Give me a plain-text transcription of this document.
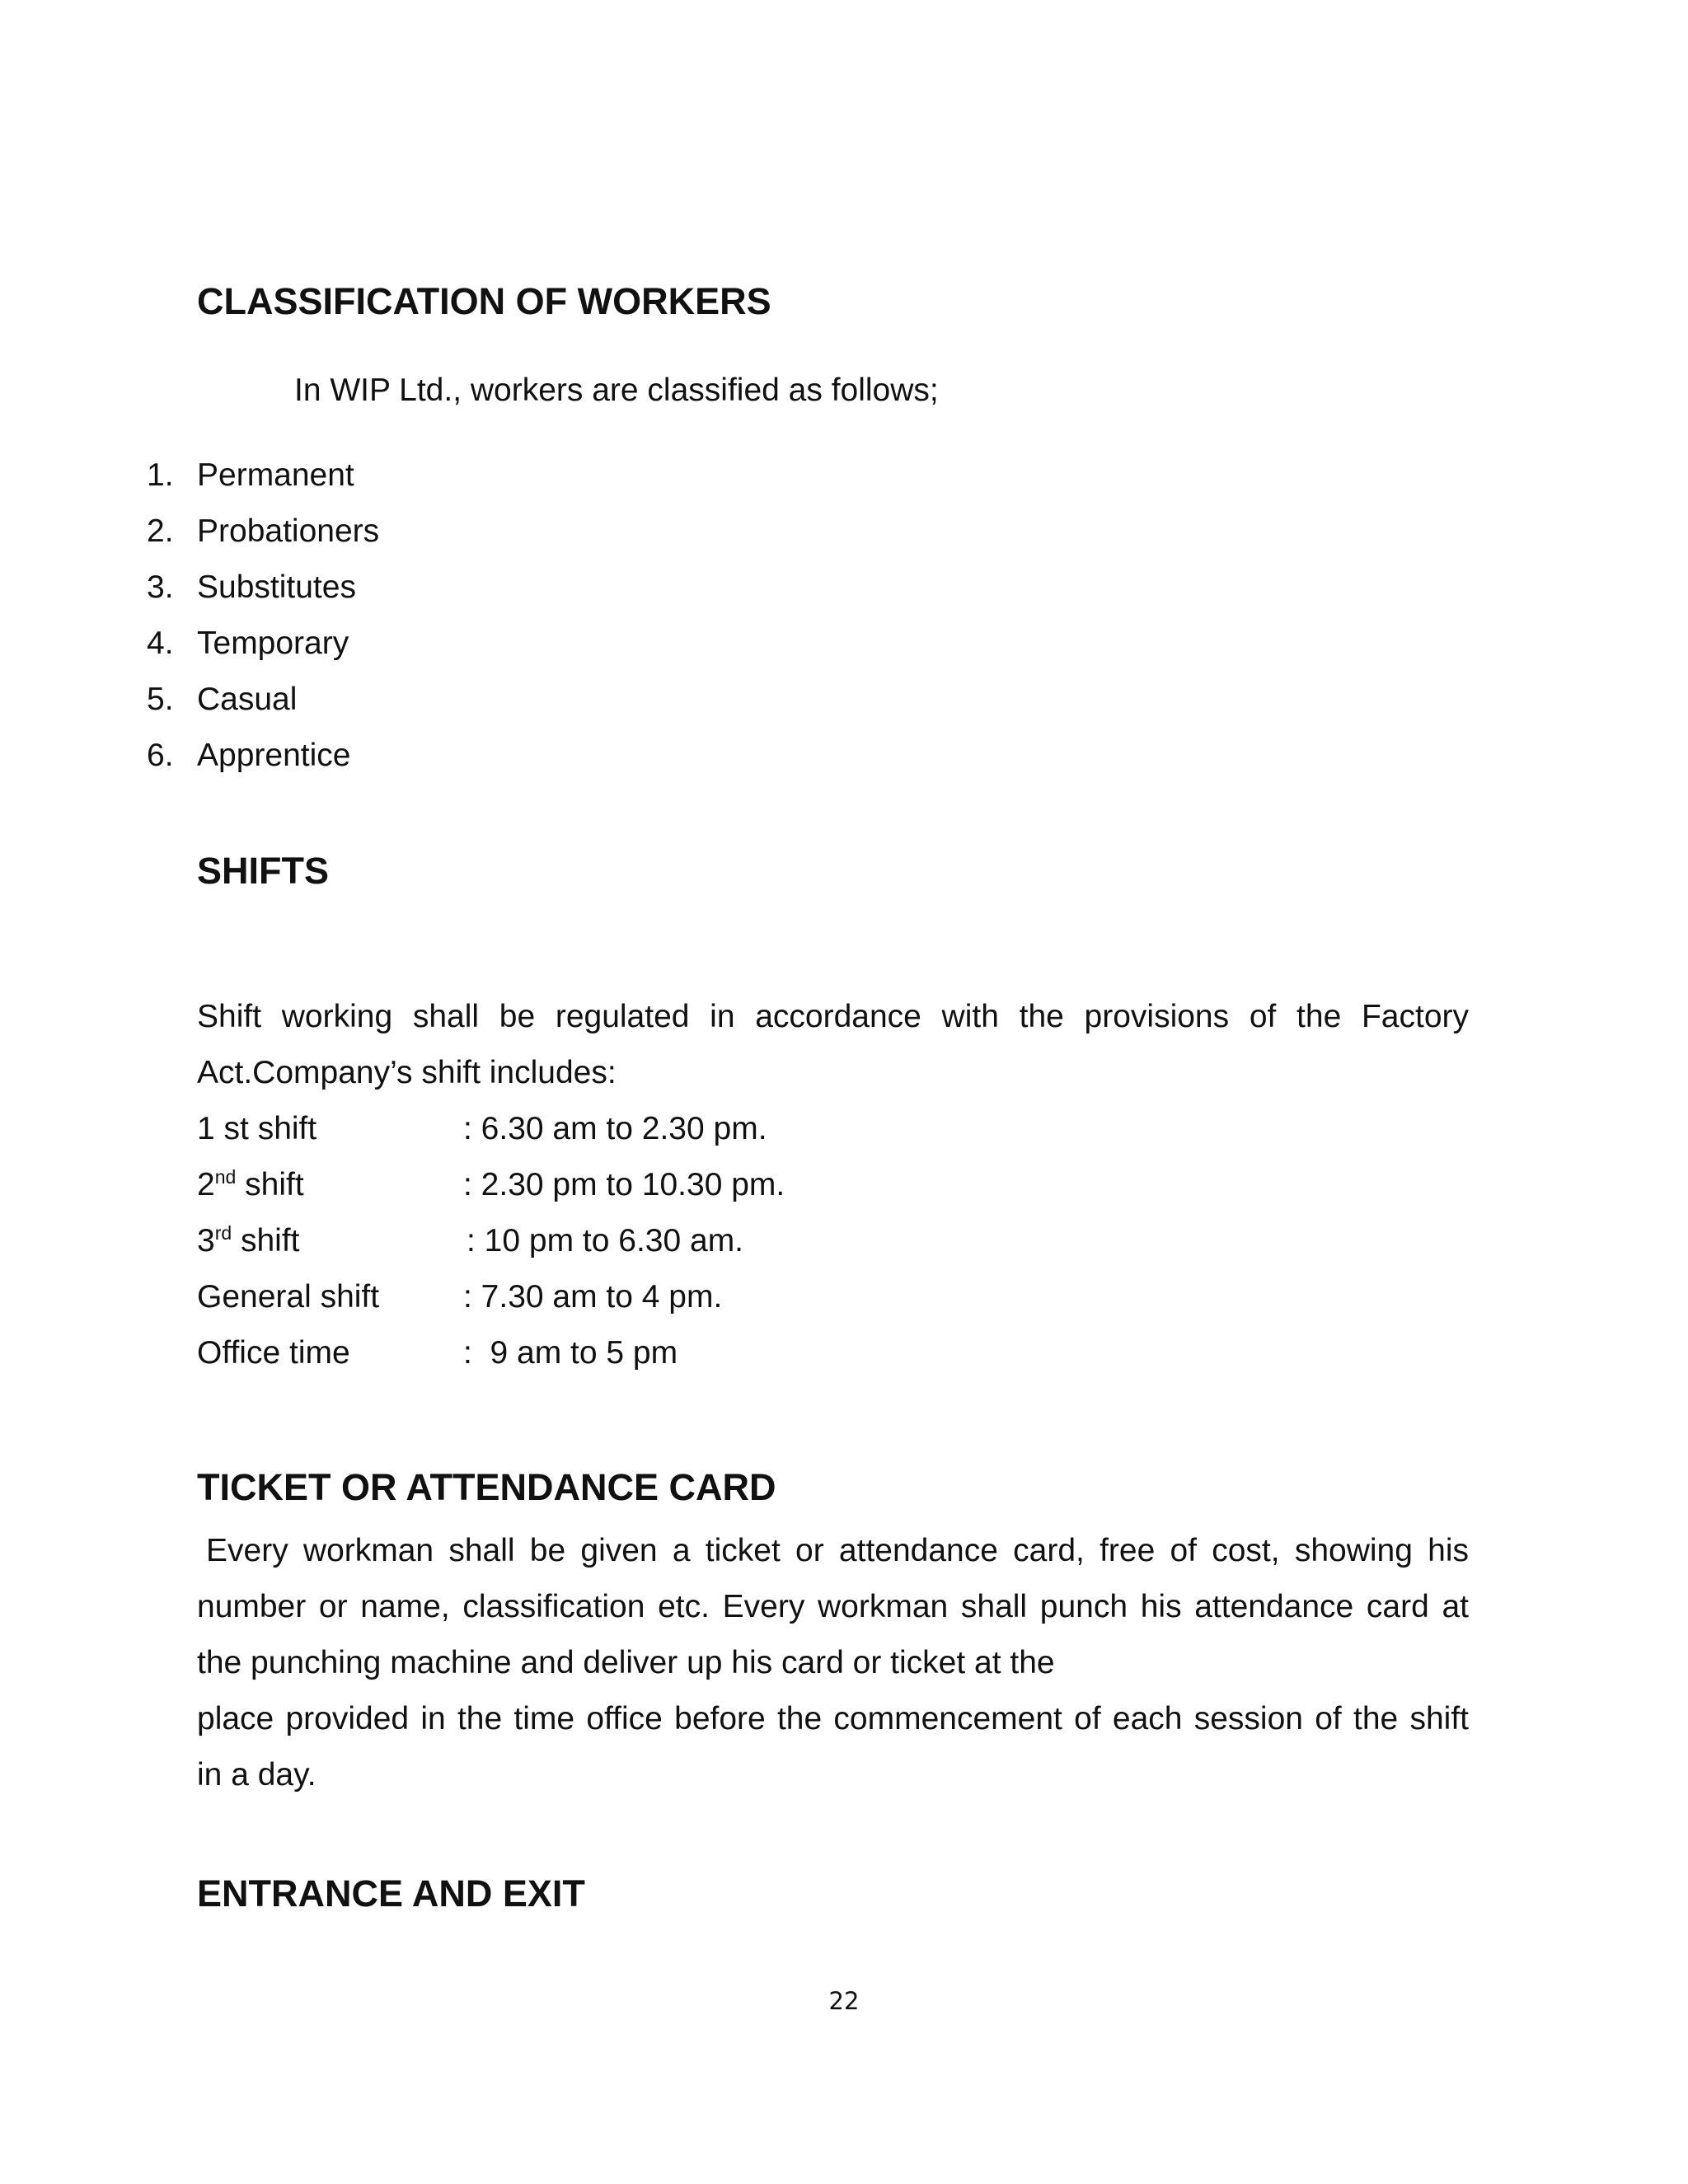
CLASSIFICATION OF WORKERS

In WIP Ltd., workers are classified as follows;

1. Permanent
2. Probationers
3. Substitutes
4. Temporary
5. Casual
6. Apprentice
SHIFTS

Shift working shall be regulated in accordance with the provisions of the Factory

Act.Company’s shift includes:

1 st shift	: 6.30 am to 2.30 pm.
2nd shift	: 2.30 pm to 10.30 pm.
3rd shift	: 10 pm to 6.30 am.
General shift	: 7.30 am to 4 pm.
Office time	:  9 am to 5 pm
TICKET OR ATTENDANCE CARD

Every workman shall be given a ticket or attendance card, free of cost, showing his

number or name, classification etc. Every workman shall punch his attendance card at

the punching machine and deliver up his card or ticket at the

place provided in the time office before the commencement of each session of the shift

in a day.

ENTRANCE AND EXIT
22
